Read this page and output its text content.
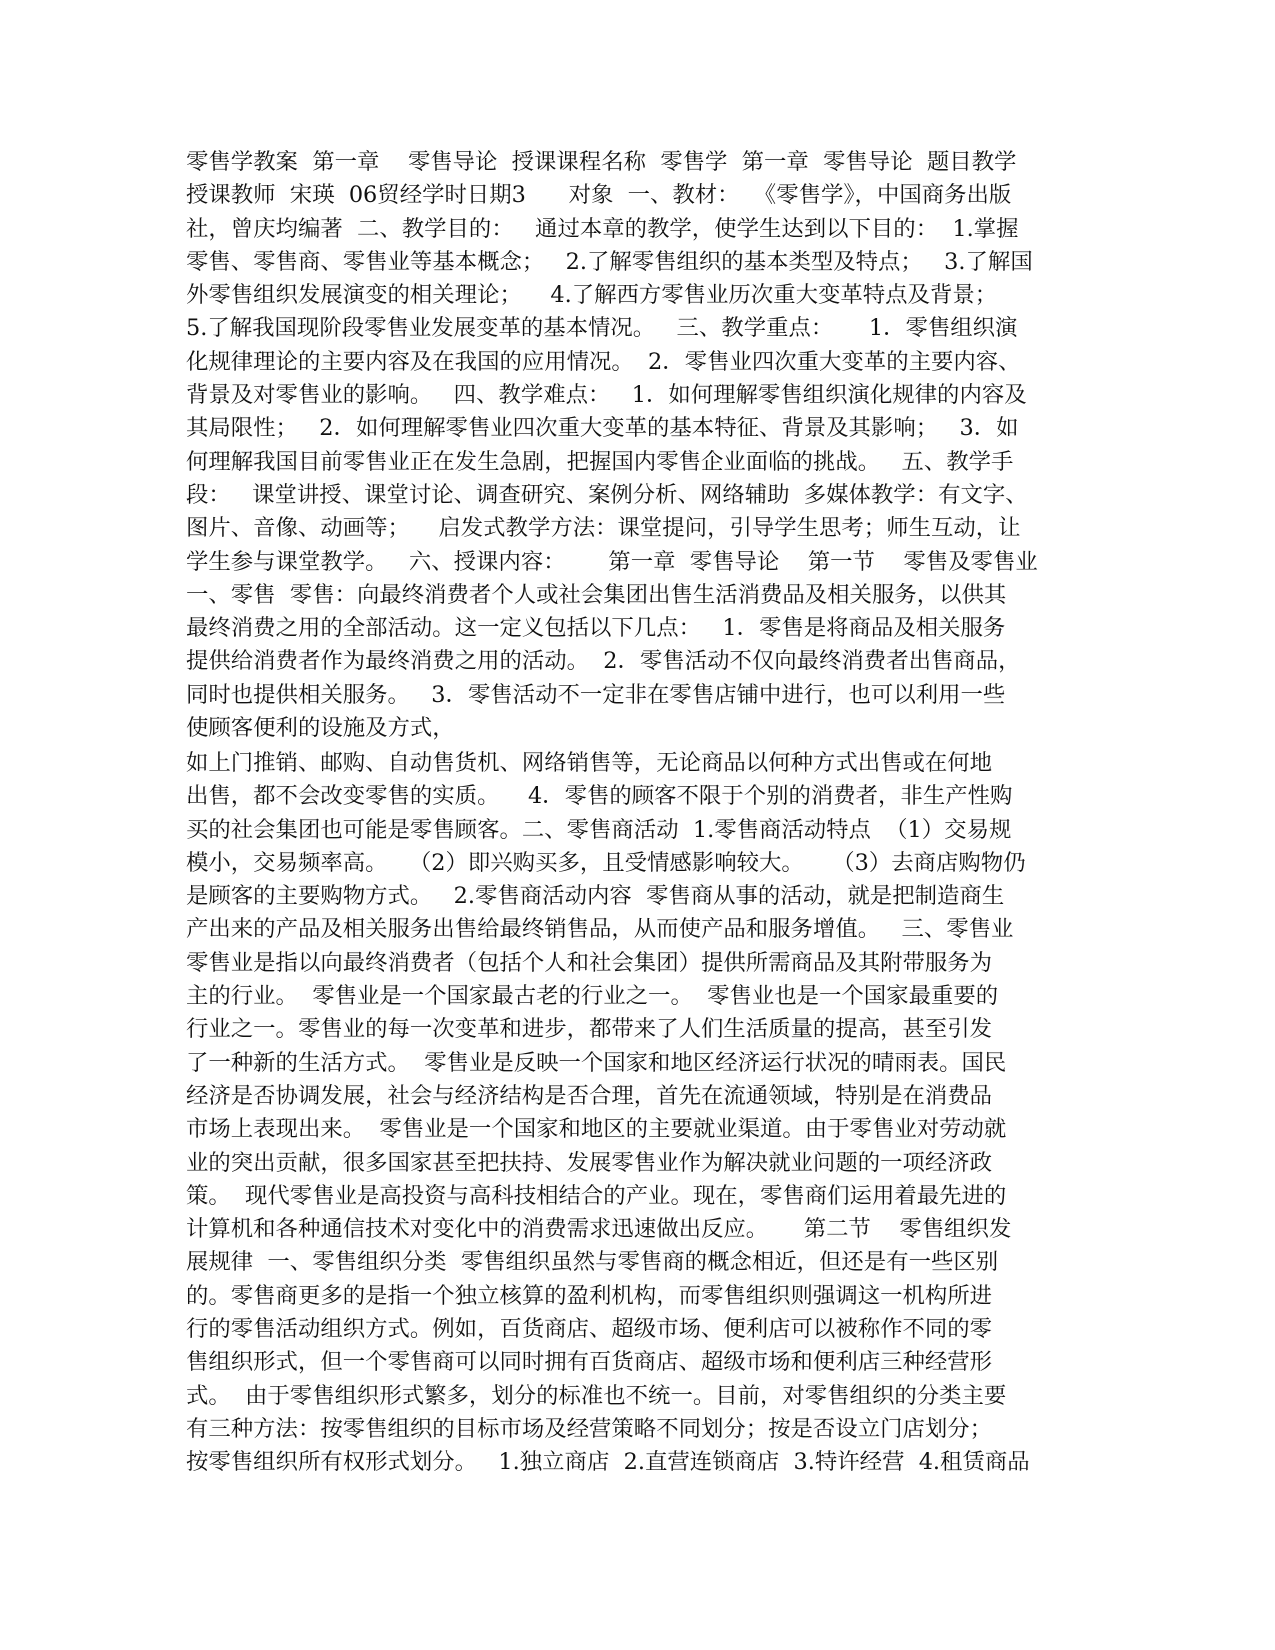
零售学教案  第一章    零售导论  授课课程名称  零售学  第一章  零售导论  题目教学
授课教师  宋瑛  06贸经学时日期3      对象  一、教材：  《零售学》，中国商务出版
社，曾庆均编著  二、教学目的：   通过本章的教学，使学生达到以下目的：  1.掌握
零售、零售商、零售业等基本概念；   2.了解零售组织的基本类型及特点；   3.了解国
外零售组织发展演变的相关理论；    4.了解西方零售业历次重大变革特点及背景；
5.了解我国现阶段零售业发展变革的基本情况。   三、教学重点：     1．零售组织演
化规律理论的主要内容及在我国的应用情况。  2．零售业四次重大变革的主要内容、
背景及对零售业的影响。   四、教学难点：   1．如何理解零售组织演化规律的内容及
其局限性；   2．如何理解零售业四次重大变革的基本特征、背景及其影响；   3．如
何理解我国目前零售业正在发生急剧，把握国内零售企业面临的挑战。   五、教学手
段：   课堂讲授、课堂讨论、调查研究、案例分析、网络辅助  多媒体教学：有文字、
图片、音像、动画等；    启发式教学方法：课堂提问，引导学生思考；师生互动，让
学生参与课堂教学。   六、授课内容：      第一章  零售导论    第一节    零售及零售业
一、零售  零售：向最终消费者个人或社会集团出售生活消费品及相关服务，以供其
最终消费之用的全部活动。这一定义包括以下几点：   1．零售是将商品及相关服务
提供给消费者作为最终消费之用的活动。  2．零售活动不仅向最终消费者出售商品，
同时也提供相关服务。   3．零售活动不一定非在零售店铺中进行，也可以利用一些
使顾客便利的设施及方式，
如上门推销、邮购、自动售货机、网络销售等，无论商品以何种方式出售或在何地
出售，都不会改变零售的实质。    4．零售的顾客不限于个别的消费者，非生产性购
买的社会集团也可能是零售顾客。二、零售商活动  1.零售商活动特点  （1）交易规
模小，交易频率高。   （2）即兴购买多，且受情感影响较大。    （3）去商店购物仍
是顾客的主要购物方式。   2.零售商活动内容  零售商从事的活动，就是把制造商生
产出来的产品及相关服务出售给最终销售品，从而使产品和服务增值。   三、零售业
零售业是指以向最终消费者（包括个人和社会集团）提供所需商品及其附带服务为
主的行业。  零售业是一个国家最古老的行业之一。  零售业也是一个国家最重要的
行业之一。零售业的每一次变革和进步，都带来了人们生活质量的提高，甚至引发
了一种新的生活方式。  零售业是反映一个国家和地区经济运行状况的晴雨表。国民
经济是否协调发展，社会与经济结构是否合理，首先在流通领域，特别是在消费品
市场上表现出来。  零售业是一个国家和地区的主要就业渠道。由于零售业对劳动就
业的突出贡献，很多国家甚至把扶持、发展零售业作为解决就业问题的一项经济政
策。  现代零售业是高投资与高科技相结合的产业。现在，零售商们运用着最先进的
计算机和各种通信技术对变化中的消费需求迅速做出反应。     第二节    零售组织发
展规律  一、零售组织分类  零售组织虽然与零售商的概念相近，但还是有一些区别
的。零售商更多的是指一个独立核算的盈利机构，而零售组织则强调这一机构所进
行的零售活动组织方式。例如，百货商店、超级市场、便利店可以被称作不同的零
售组织形式，但一个零售商可以同时拥有百货商店、超级市场和便利店三种经营形
式。  由于零售组织形式繁多，划分的标准也不统一。目前，对零售组织的分类主要
有三种方法：按零售组织的目标市场及经营策略不同划分；按是否设立门店划分；
按零售组织所有权形式划分。   1.独立商店  2.直营连锁商店  3.特许经营  4.租赁商品
